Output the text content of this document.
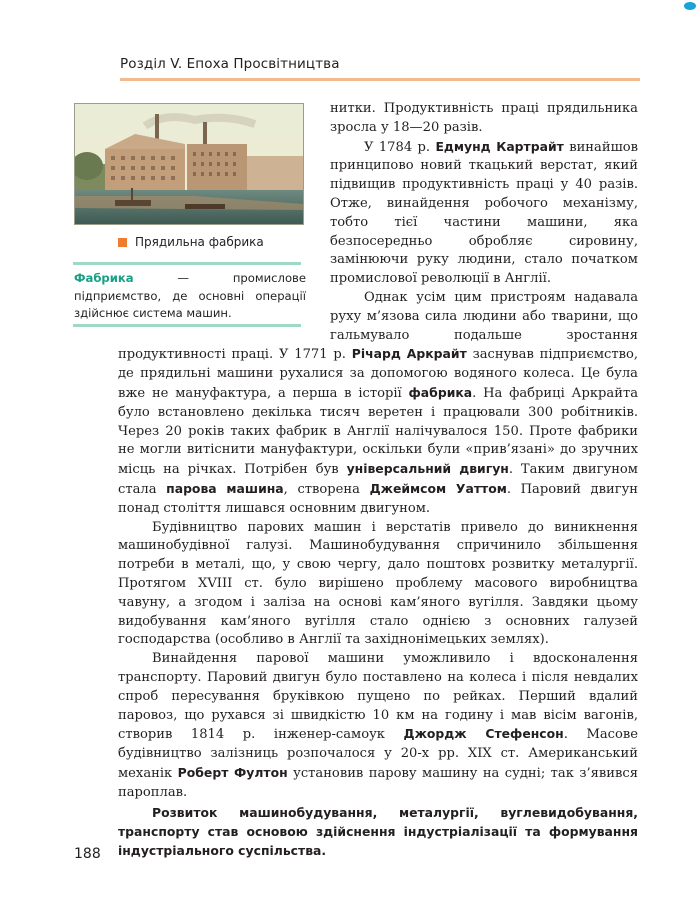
Розділ V. Епоха Просвітництва
Прядильна фабрика
Фабрика — промислове підприємство, де основні операції здійснює система машин.

нитки. Продуктивність праці прядильника зросла у 18—20 разів.

У 1784 р. Едмунд Картрайт винайшов принципово новий ткацький верстат, який підвищив продуктивність праці у 40 разів. Отже, винайдення робочого механізму, тобто тієї частини машини, яка безпосередньо обробляє сировину, замінюючи руку людини, стало початком промислової революції в Англії.

Однак усім цим пристроям надавала руху м’язова сила людини або тварини, що гальмувало подальше зростання продуктивності праці. У 1771 р. Річард Аркрайт заснував підприємство, де прядильні машини рухалися за допомогою водяного колеса. Це була вже не мануфактура, а перша в історії фабрика. На фабриці Аркрайта було встановлено декілька тисяч веретен і працювали 300 робітників. Через 20 років таких фабрик в Англії налічувалося 150. Проте фабрики не могли витіснити мануфактури, оскільки були «прив’язані» до зручних місць на річках. Потрібен був універсальний двигун. Таким двигуном стала парова машина, створена Джеймсом Уаттом. Паровий двигун понад століття лишався основним двигуном.

Будівництво парових машин і верстатів привело до виникнення машинобудівної галузі. Машинобудування спричинило збільшення потреби в металі, що, у свою чергу, дало поштовх розвитку металургії. Протягом XVIII ст. було вирішено проблему масового виробництва чавуну, а згодом і заліза на основі кам’яного вугілля. Завдяки цьому видобування кам’яного вугілля стало однією з основних галузей господарства (особливо в Англії та західнонімецьких землях).

Винайдення парової машини уможливило і вдосконалення транспорту. Паровий двигун було поставлено на колеса і після невдалих спроб пересування бруківкою пущено по рейках. Перший вдалий паровоз, що рухався зі швидкістю 10 км на годину і мав вісім вагонів, створив 1814 р. інженер-самоук Джордж Стефенсон. Масове будівництво залізниць розпочалося у 20-х рр. XIX ст. Американський механік Роберт Фултон установив парову машину на судні; так з’явився пароплав.

Розвиток машинобудування, металургії, вуглевидобування, транспорту став основою здійснення індустріалізації та формування індустріального суспільства.

188
